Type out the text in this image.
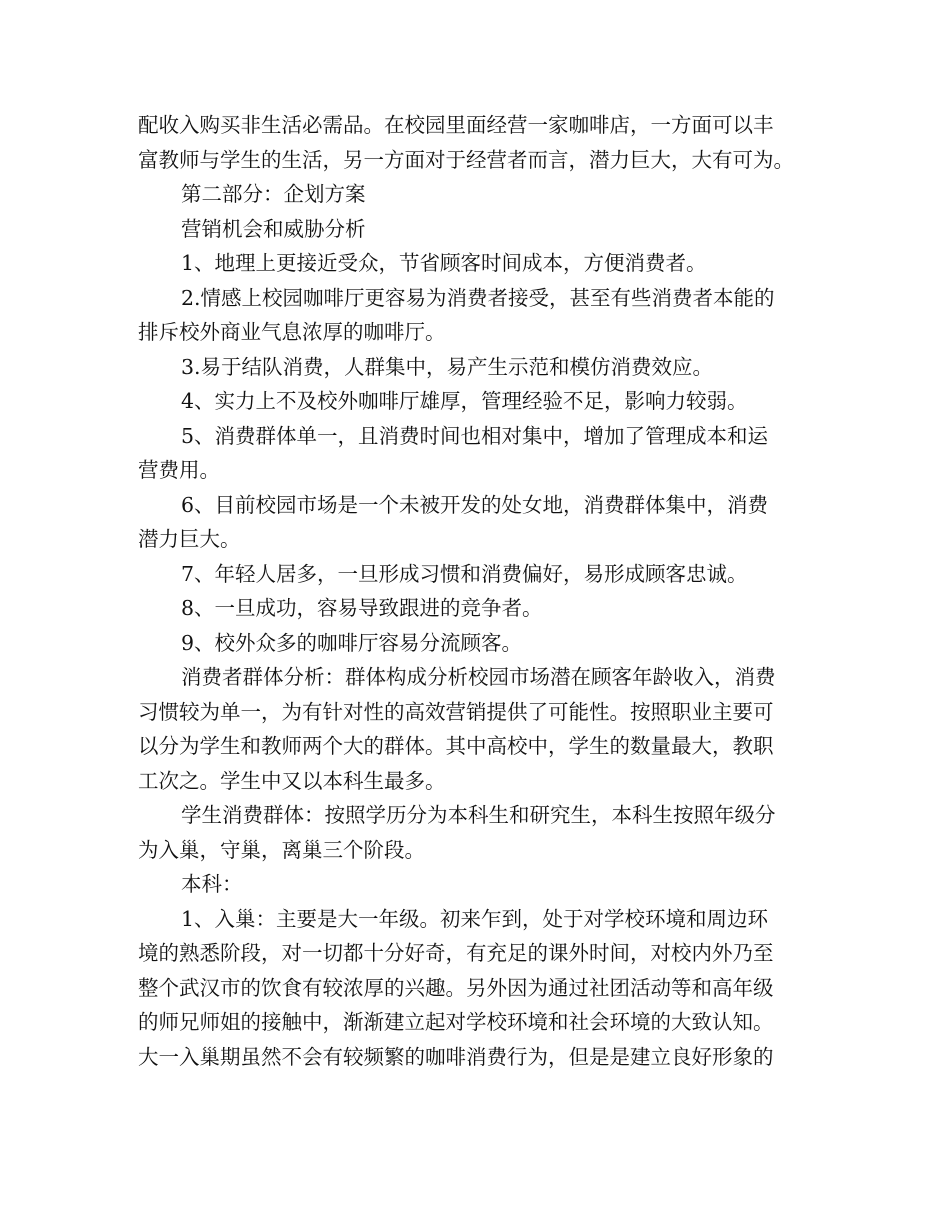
配收入购买非生活必需品。在校园里面经营一家咖啡店，一方面可以丰
富教师与学生的生活，另一方面对于经营者而言，潜力巨大，大有可为。
第二部分：企划方案
营销机会和威胁分析
1、地理上更接近受众，节省顾客时间成本，方便消费者。
2.情感上校园咖啡厅更容易为消费者接受，甚至有些消费者本能的
排斥校外商业气息浓厚的咖啡厅。
3.易于结队消费，人群集中，易产生示范和模仿消费效应。
4、实力上不及校外咖啡厅雄厚，管理经验不足，影响力较弱。
5、消费群体单一，且消费时间也相对集中，增加了管理成本和运
营费用。
6、目前校园市场是一个未被开发的处女地，消费群体集中，消费
潜力巨大。
7、年轻人居多，一旦形成习惯和消费偏好，易形成顾客忠诚。
8、一旦成功，容易导致跟进的竞争者。
9、校外众多的咖啡厅容易分流顾客。
消费者群体分析：群体构成分析校园市场潜在顾客年龄收入，消费
习惯较为单一，为有针对性的高效营销提供了可能性。按照职业主要可
以分为学生和教师两个大的群体。其中高校中，学生的数量最大，教职
工次之。学生中又以本科生最多。
学生消费群体：按照学历分为本科生和研究生，本科生按照年级分
为入巢，守巢，离巢三个阶段。
本科：
1、入巢：主要是大一年级。初来乍到，处于对学校环境和周边环
境的熟悉阶段，对一切都十分好奇，有充足的课外时间，对校内外乃至
整个武汉市的饮食有较浓厚的兴趣。另外因为通过社团活动等和高年级
的师兄师姐的接触中，渐渐建立起对学校环境和社会环境的大致认知。
大一入巢期虽然不会有较频繁的咖啡消费行为，但是是建立良好形象的
